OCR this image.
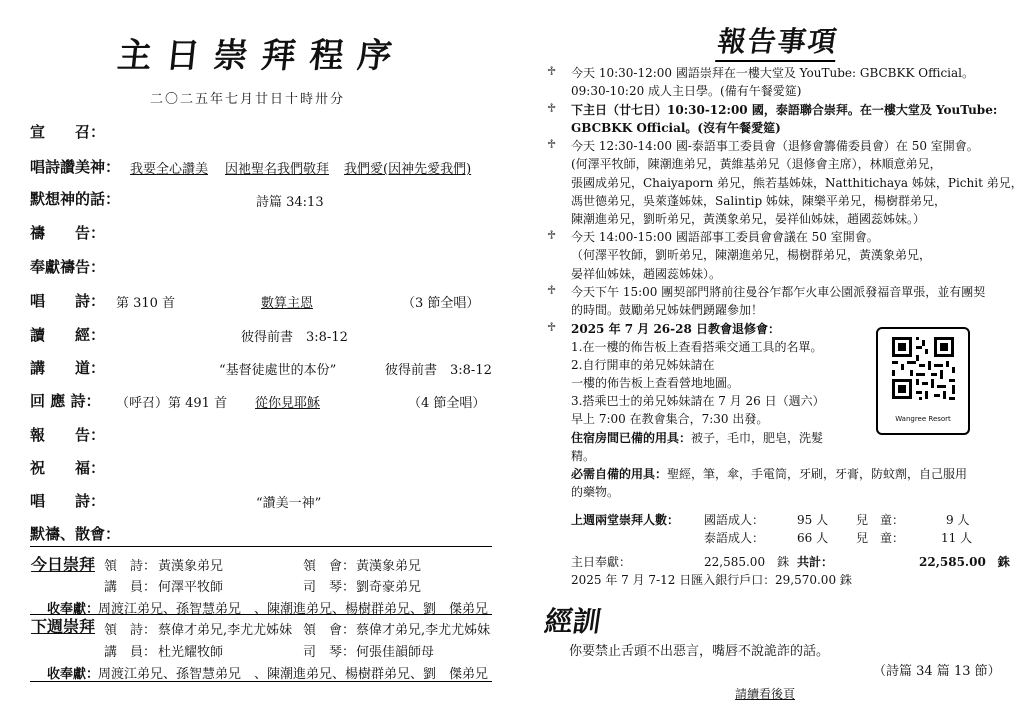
主日崇拜程序
二〇二五年七月廿日十時卅分
宣　　召：
唱詩讚美神： 我要全心讚美 因祂聖名我們敬拜 我們愛(因神先愛我們)
默想神的話：	詩篇 34:13
禱　　告：
奉獻禱告：
唱　　詩： 第 310 首	數算主恩	（3 節全唱）
讀　　經：	彼得前書　3:8-12
講　　道：	“基督徒處世的本份”	彼得前書　3:8-12
回 應 詩： （呼召）第 491 首 從你見耶穌	（4 節全唱）
報　　告：
祝　　福：
唱　　詩：	“讚美一神”
默禱、散會：
今日崇拜 領　詩： 黃漢象弟兄	領　會： 黃漢象弟兄
講　員： 何澤平牧師	司　琴： 劉奇豪弟兄
收奉獻：
周渡江弟兄、孫智慧弟兄　、陳潮進弟兄、楊樹群弟兄、劉　傑弟兄
下週崇拜 領　詩： 蔡偉才弟兄,李尤尤姊妹 領　會： 蔡偉才弟兄,李尤尤姊妹
講　員： 杜光耀牧師	司　琴： 何張佳韻師母
收奉獻：
周渡江弟兄、孫智慧弟兄　、陳潮進弟兄、楊樹群弟兄、劉　傑弟兄
報告事項
♱ 今天 10:30-12:00 國語崇拜在一樓大堂及 YouTube: GBCBKK Official。
09:30-10:20 成人主日學。(備有午餐愛筵)
♱ 下主日（廿七日）10:30-12:00 國，泰語聯合崇拜。在一樓大堂及 YouTube:
GBCBKK Official。(沒有午餐愛筵)
♱ 今天 12:30-14:00 國-泰語事工委員會（退修會籌備委員會）在 50 室開會。
(何澤平牧師，陳潮進弟兄，黃維基弟兄（退修會主席），林順意弟兄，
張國成弟兄，Chaiyaporn 弟兄，熊若基姊妹，Natthitichaya 姊妹，Pichit 弟兄，
馮世德弟兄，吳萊蓬姊妹，Salintip 姊妹，陳樂平弟兄，楊樹群弟兄，
陳潮進弟兄，劉昕弟兄，黃漢象弟兄，晏祥仙姊妹，趙國蕊姊妹。）
♱ 今天 14:00-15:00 國語部事工委員會會議在 50 室開會。
（何澤平牧師，劉昕弟兄，陳潮進弟兄，楊樹群弟兄，黃漢象弟兄，
晏祥仙姊妹，趙國蕊姊妹）。
♱ 今天下午 15:00 團契部門將前往曼谷乍都乍火車公園派發福音單張，並有團契
的時間。鼓勵弟兄姊妹們踴躍參加！
♱ 2025 年 7 月 26-28 日教會退修會：
1.在一樓的佈告板上查看搭乘交通工具的名單。
2.自行開車的弟兄姊妹請在
一樓的佈告板上查看營地地圖。
3.搭乘巴士的弟兄姊妹請在 7 月 26 日（週六）
早上 7:00 在教會集合，7:30 出發。
住宿房間已備的用具：被子，毛巾，肥皂，洗髮
精。
必需自備的用具：聖經，筆，傘，手電筒，牙刷，牙膏，防蚊劑，自己服用
的藥物。
Wangree Resort
上週兩堂崇拜人數： 國語成人：	95 人 兒　童：	9 人
泰語成人：	66 人 兒　童：	11 人
主日奉獻：	22,585.00　銖 共計：	22,585.00　銖
2025 年 7 月 7-12 日匯入銀行戶口： 29,570.00 銖
經訓
你要禁止舌頭不出惡言，嘴唇不說詭詐的話。
（詩篇 34 篇 13 節）
請續看後頁
